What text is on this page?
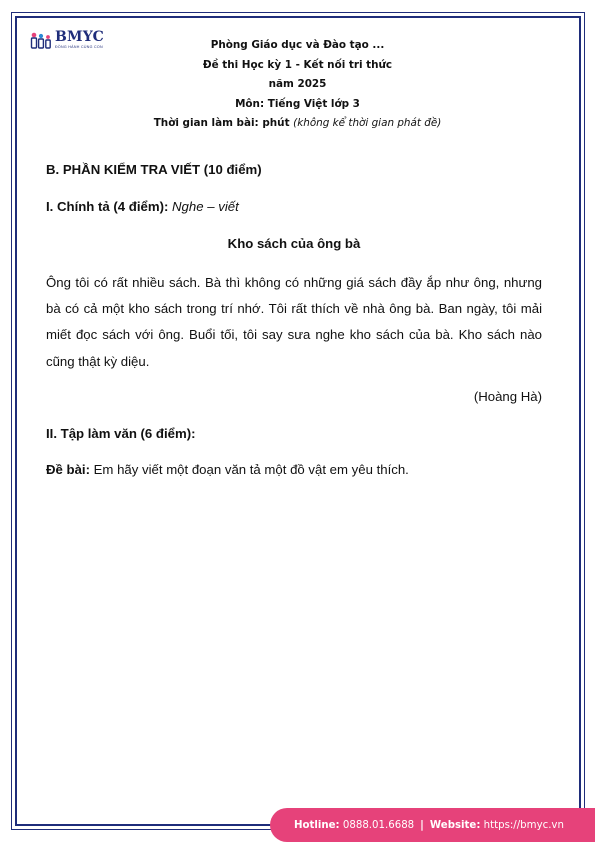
BMYC
ĐỒNG HÀNH CÙNG CON	Phòng Giáo dục và Đào tạo ...
Đề thi Học kỳ 1 - Kết nối tri thức
năm 2025
Môn: Tiếng Việt lớp 3
Thời gian làm bài: phút (không kể thời gian phát đề)
B. PHẦN KIỂM TRA VIẾT (10 điểm)
I. Chính tả (4 điểm): Nghe – viết
Kho sách của ông bà
Ông tôi có rất nhiều sách. Bà thì không có những giá sách đầy ắp như ông, nhưng bà có cả một kho sách trong trí nhớ. Tôi rất thích về nhà ông bà. Ban ngày, tôi mải miết đọc sách với ông. Buổi tối, tôi say sưa nghe kho sách của bà. Kho sách nào cũng thật kỳ diệu.
(Hoàng Hà)
II. Tập làm văn (6 điểm):
Đề bài: Em hãy viết một đoạn văn tả một đồ vật em yêu thích.
Hotline:
0888.01.6688 | Website:
https://bmyc.vn
